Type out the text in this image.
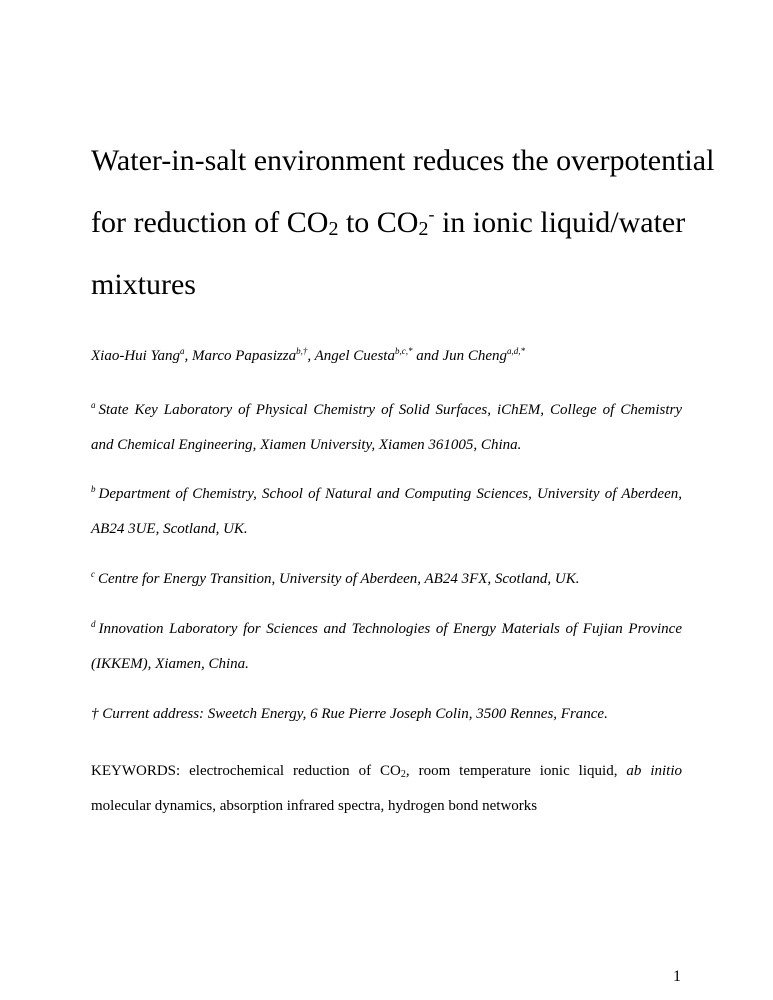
Water-in-salt environment reduces the overpotential
for reduction of $CO_2$ to $CO_2^-$ in ionic liquid/water
mixtures
Xiao-Hui Yang$^a$, Marco Papasizza$^{b,\dagger}$, Angel Cuesta$^{b,c,*}$ and Jun Cheng$^{a,d,*}$
$^a$ State Key Laboratory of Physical Chemistry of Solid Surfaces, iChEM, College of Chemistry
and Chemical Engineering, Xiamen University, Xiamen 361005, China.
$^b$ Department of Chemistry, School of Natural and Computing Sciences, University of Aberdeen,
AB24 3UE, Scotland, UK.
$^c$ Centre for Energy Transition, University of Aberdeen, AB24 3FX, Scotland, UK.
$^d$ Innovation Laboratory for Sciences and Technologies of Energy Materials of Fujian Province
(IKKEM), Xiamen, China.
† Current address: Sweetch Energy, 6 Rue Pierre Joseph Colin, 3500 Rennes, France.
KEYWORDS: electrochemical reduction of $CO_2$, room temperature ionic liquid, ab initio
molecular dynamics, absorption infrared spectra, hydrogen bond networks
1
